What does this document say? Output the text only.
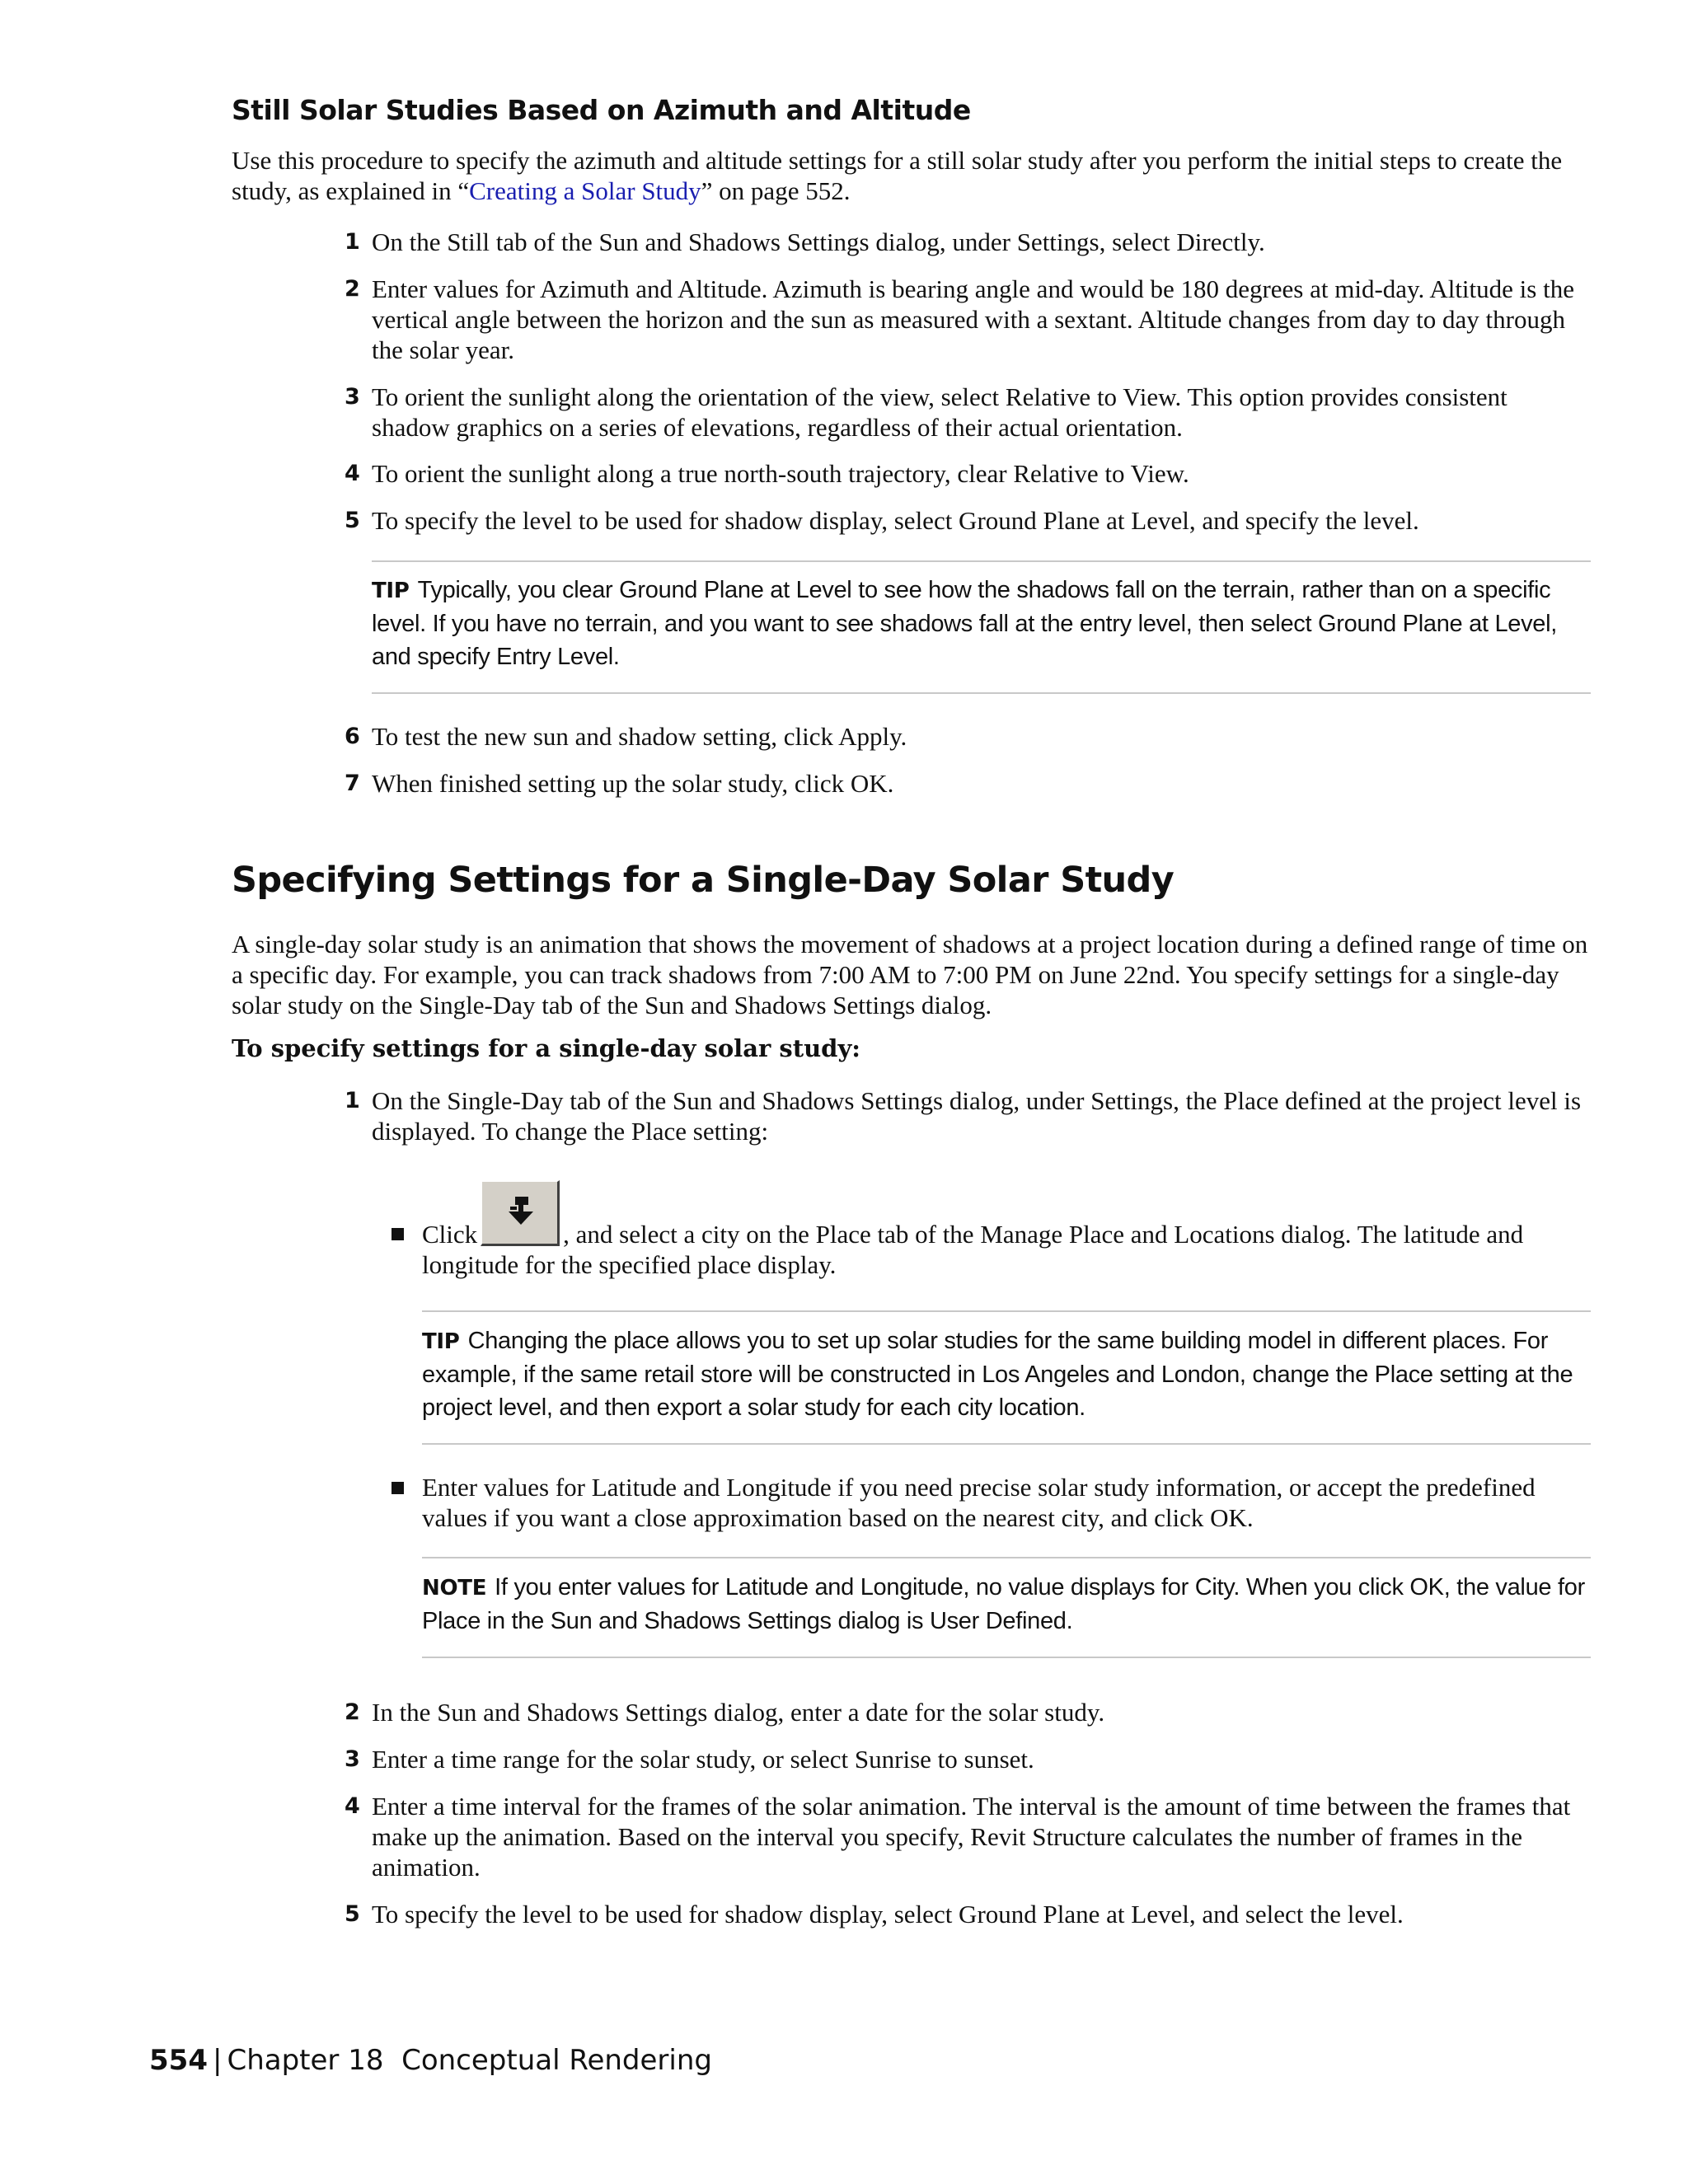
Still Solar Studies Based on Azimuth and Altitude

Use this procedure to specify the azimuth and altitude settings for a still solar study after you perform the initial steps to create the study, as explained in “Creating a Solar Study” on page 552.

1 On the Still tab of the Sun and Shadows Settings dialog, under Settings, select Directly.
2 Enter values for Azimuth and Altitude. Azimuth is bearing angle and would be 180 degrees at mid-day. Altitude is the vertical angle between the horizon and the sun as measured with a sextant. Altitude changes from day to day through the solar year.
3 To orient the sunlight along the orientation of the view, select Relative to View. This option provides consistent shadow graphics on a series of elevations, regardless of their actual orientation.
4 To orient the sunlight along a true north-south trajectory, clear Relative to View.
5 To specify the level to be used for shadow display, select Ground Plane at Level, and specify the level.
TIP Typically, you clear Ground Plane at Level to see how the shadows fall on the terrain, rather than on a specific level. If you have no terrain, and you want to see shadows fall at the entry level, then select Ground Plane at Level, and specify Entry Level.
6 To test the new sun and shadow setting, click Apply.
7 When finished setting up the solar study, click OK.
Specifying Settings for a Single-Day Solar Study

A single-day solar study is an animation that shows the movement of shadows at a project location during a defined range of time on a specific day. For example, you can track shadows from 7:00 AM to 7:00 PM on June 22nd. You specify settings for a single-day solar study on the Single-Day tab of the Sun and Shadows Settings dialog.

To specify settings for a single-day solar study:

1 On the Single-Day tab of the Sun and Shadows Settings dialog, under Settings, the Place defined at the project level is displayed. To change the Place setting:
Click	, and select a city on the Place tab of the Manage Place and Locations dialog. The latitude and longitude for the specified place display.
TIP Changing the place allows you to set up solar studies for the same building model in different places. For example, if the same retail store will be constructed in Los Angeles and London, change the Place setting at the project level, and then export a solar study for each city location.
Enter values for Latitude and Longitude if you need precise solar study information, or accept the predefined values if you want a close approximation based on the nearest city, and click OK.
NOTE If you enter values for Latitude and Longitude, no value displays for City. When you click OK, the value for Place in the Sun and Shadows Settings dialog is User Defined.
2 In the Sun and Shadows Settings dialog, enter a date for the solar study.
3 Enter a time range for the solar study, or select Sunrise to sunset.
4 Enter a time interval for the frames of the solar animation. The interval is the amount of time between the frames that make up the animation. Based on the interval you specify, Revit Structure calculates the number of frames in the animation.
5 To specify the level to be used for shadow display, select Ground Plane at Level, and select the level.
554 | Chapter 18 Conceptual Rendering
